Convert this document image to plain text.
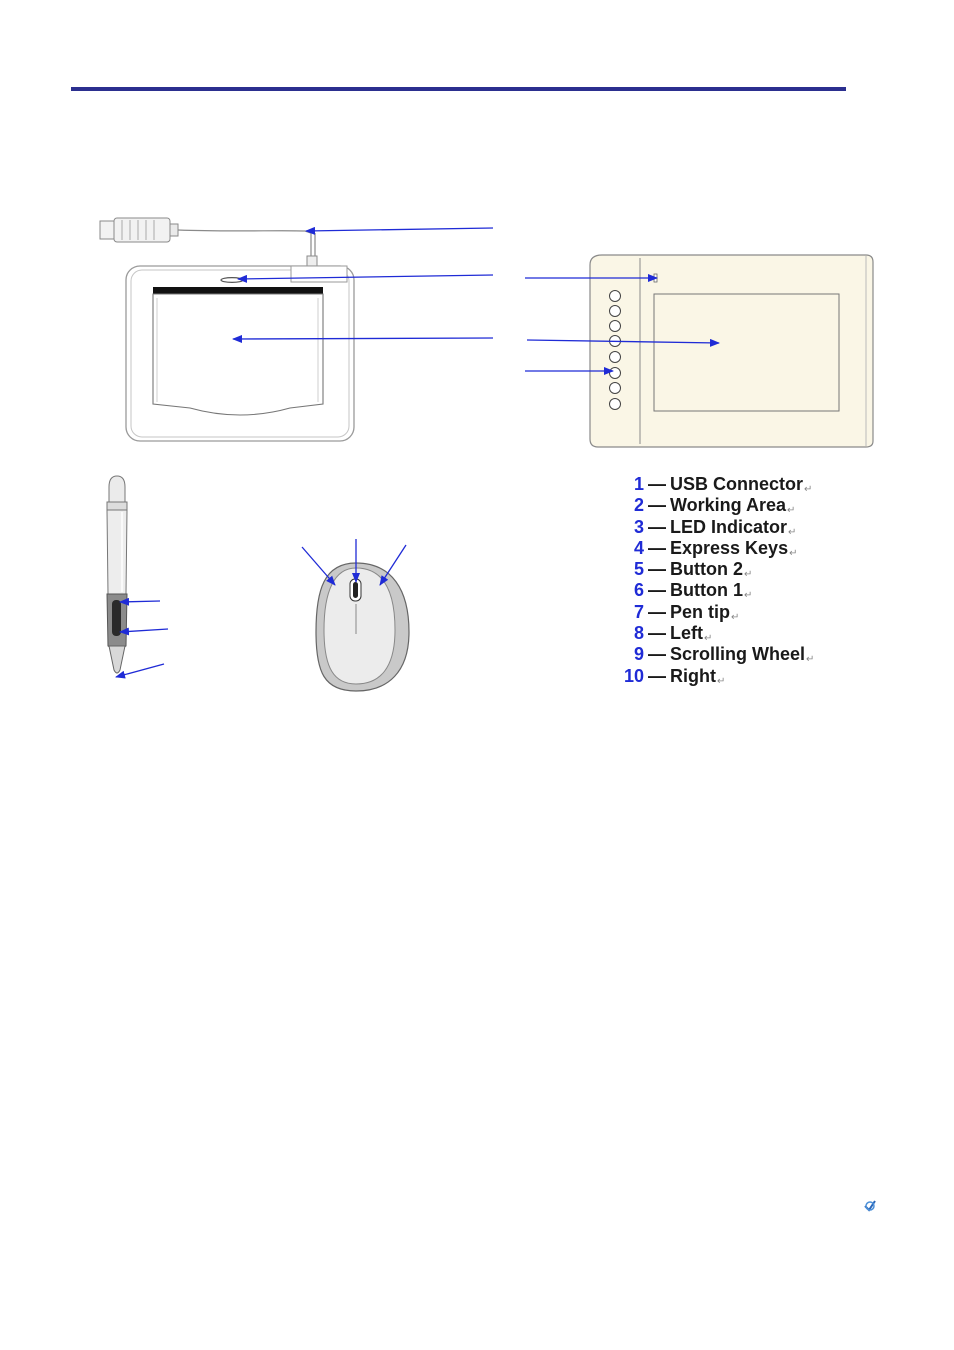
1 — USB Connector↵
2 — Working Area↵
3 — LED Indicator↵
4 — Express Keys↵
5 — Button 2↵
6 — Button 1↵
7 — Pen tip↵
8 — Left↵
9 — Scrolling Wheel↵
10 — Right↵
